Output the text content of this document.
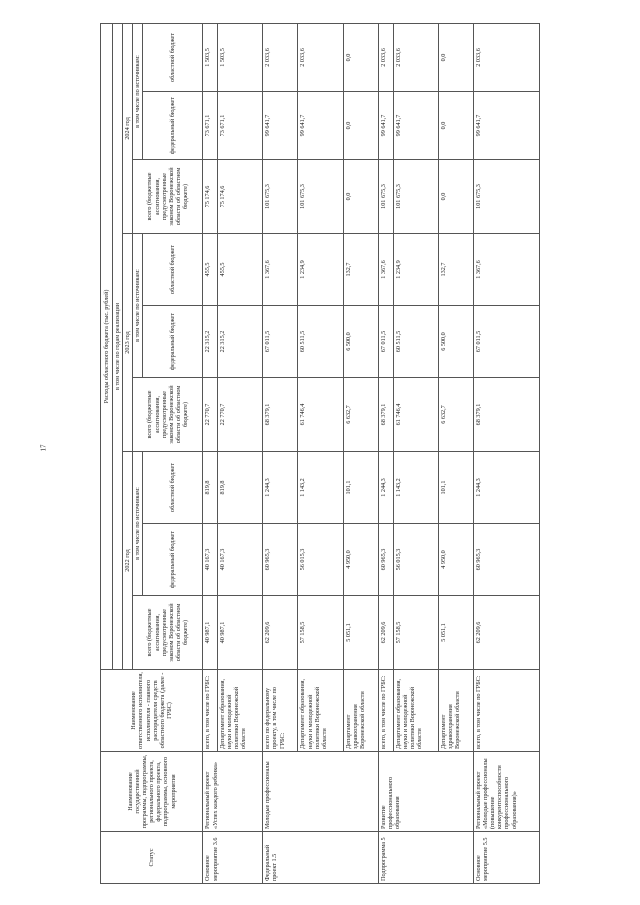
17
Статус	Наименование государственной программы, подпрограммы, регионального проекта, федерального проекта, подпрограммы, основного мероприятия	Наименование ответственного исполнителя, исполнителя - главного распорядителя средств областного бюджета (далее - ГРБС)	Расходы областного бюджета (тыс. рублей)								
			в том числе по годам реализации								
			2022 год			2023 год			2024 год		
			всего (бюджетные ассигнования, предусмотренные законом Воронежской области об областном бюджете)	в том числе по источникам:		всего (бюджетные ассигнования, предусмотренные законом Воронежской области об областном бюджете)	в том числе по источникам:		всего (бюджетные ассигнования, предусмотренные законом Воронежской области об областном бюджете)	в том числе по источникам:	
				федеральный бюджет	областной бюджет		федеральный бюджет	областной бюджет		федеральный бюджет	областной бюджет
Основное мероприятие 3.6	Региональный проект «Успех каждого ребенка»	всего, в том числе по ГРБС:	40 987,1	40 167,3	819,8	22 770,7	22 315,2	455,5	75 174,6	73 671,1	1 503,5
		Департамент образования, науки и молодежной политики Воронежской области	40 987,1	40 167,3	819,8	22 770,7	22 315,2	455,5	75 174,6	73 671,1	1 503,5
Федеральный проект 1.5	Молодые профессионалы	всего по федеральному проекту, в том числе по ГРБС:	62 209,6	60 965,3	1 244,3	68 379,1	67 011,5	1 367,6	101 675,3	99 641,7	2 033,6
		Департамент образования, науки и молодежной политики Воронежской области	57 158,5	56 015,3	1 143,2	61 746,4	60 511,5	1 234,9	101 675,3	99 641,7	2 033,6
		Департамент здравоохранения Воронежской области	5 051,1	4 950,0	101,1	6 632,7	6 500,0	132,7	0,0	0,0	0,0
Подпрограмма 5	Развитие профессионального образования	всего, в том числе по ГРБС:	62 209,6	60 965,3	1 244,3	68 379,1	67 011,5	1 367,6	101 675,3	99 641,7	2 033,6
		Департамент образования, науки и молодежной политики Воронежской области	57 158,5	56 015,3	1 143,2	61 746,4	60 511,5	1 234,9	101 675,3	99 641,7	2 033,6
		Департамент здравоохранения Воронежской области	5 051,1	4 950,0	101,1	6 632,7	6 500,0	132,7	0,0	0,0	0,0
Основное мероприятие 5.5	Региональный проект «Молодые профессионалы (повышение конкурентоспособности профессионального образования)»	всего, в том числе по ГРБС:	62 209,6	60 965,3	1 244,3	68 379,1	67 011,5	1 367,6	101 675,3	99 641,7	2 033,6
